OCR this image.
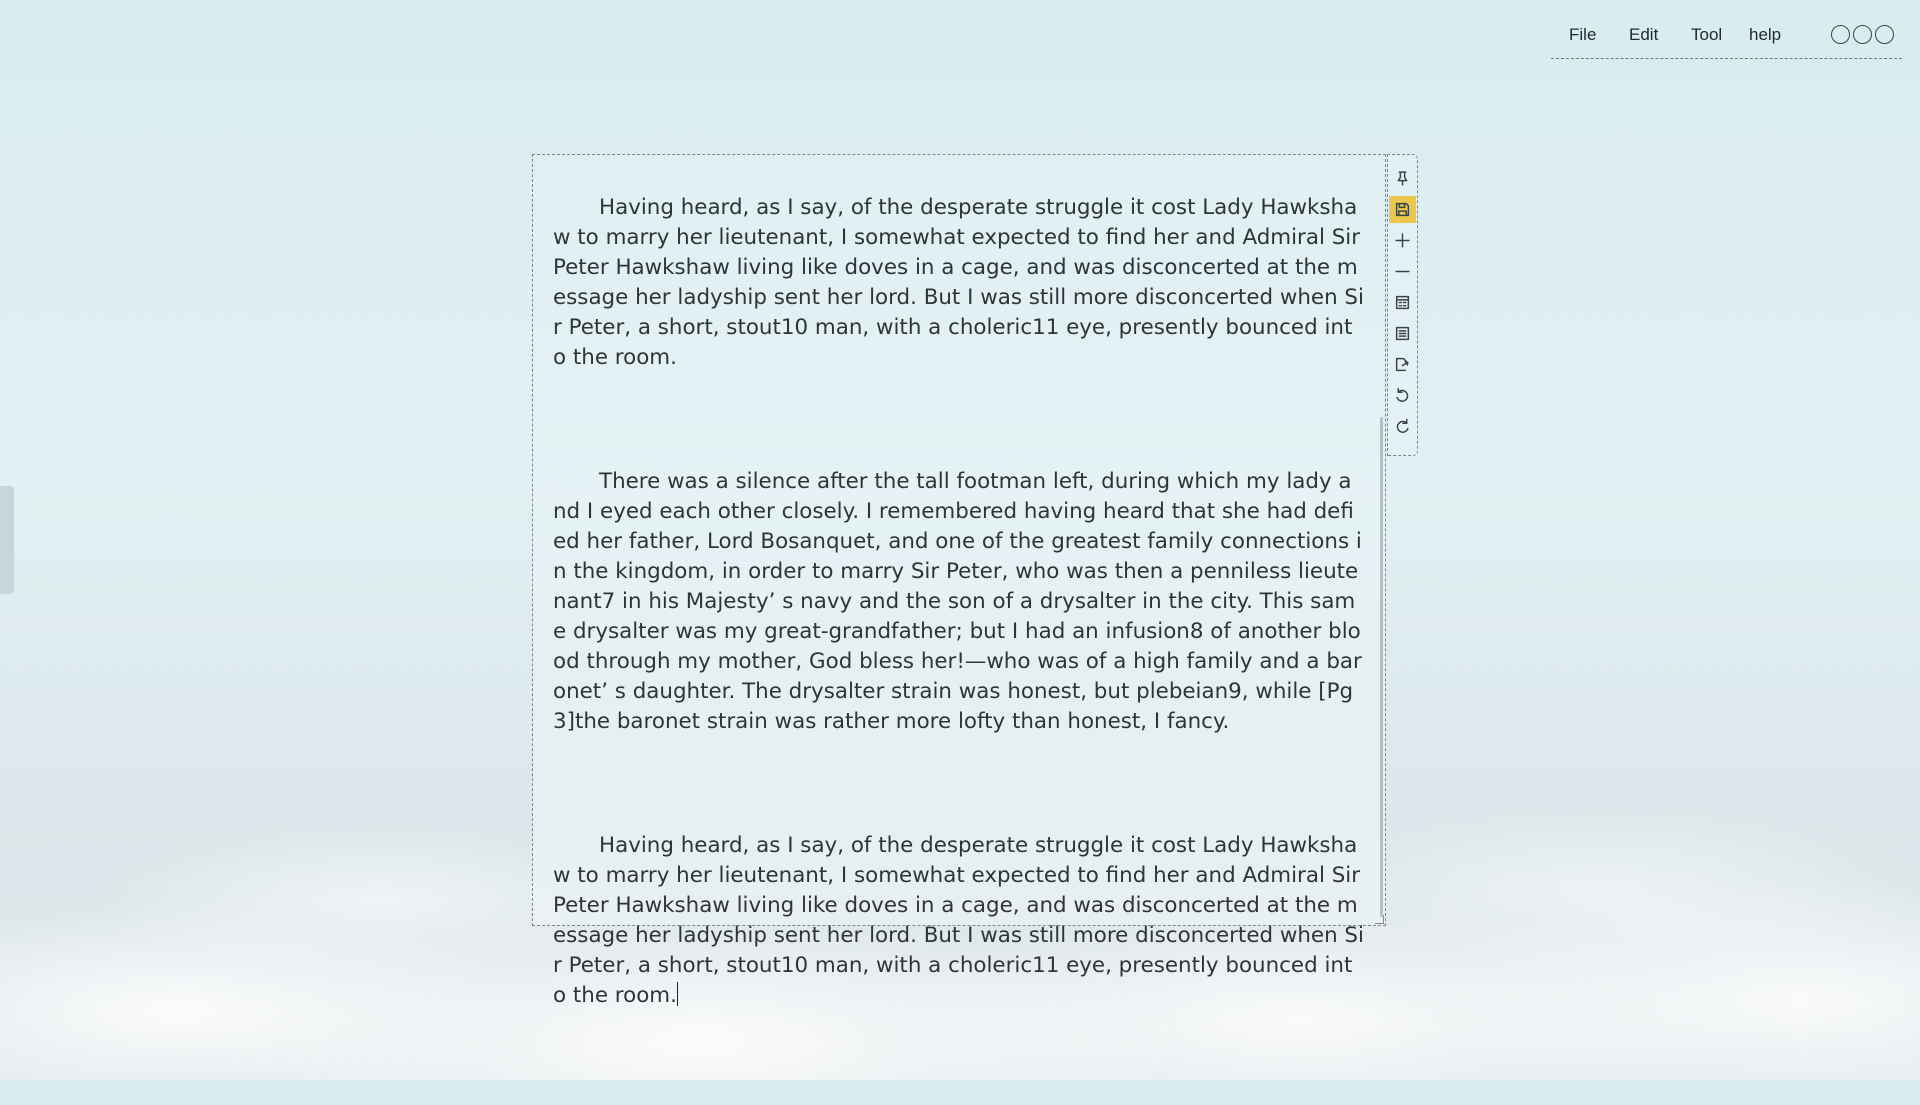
File Edit Tool help

Having heard, as I say, of the desperate struggle it cost Lady Hawkshaw to marry her lieutenant, I somewhat expected to find her and Admiral Sir Peter Hawkshaw living like doves in a cage, and was disconcerted at the message her ladyship sent her lord. But I was still more disconcerted when Sir Peter, a short, stout10 man, with a choleric11 eye, presently bounced into the room.

There was a silence after the tall footman left, during which my lady and I eyed each other closely. I remembered having heard that she had defied her father, Lord Bosanquet, and one of the greatest family connections in the kingdom, in order to marry Sir Peter, who was then a penniless lieutenant7 in his Majesty’ s navy and the son of a drysalter in the city. This same drysalter was my great-grandfather; but I had an infusion8 of another blood through my mother, God bless her!—who was of a high family and a baronet’ s daughter. The drysalter strain was honest, but plebeian9, while [Pg 3]the baronet strain was rather more lofty than honest, I fancy.

Having heard, as I say, of the desperate struggle it cost Lady Hawkshaw to marry her lieutenant, I somewhat expected to find her and Admiral Sir Peter Hawkshaw living like doves in a cage, and was disconcerted at the message her ladyship sent her lord. But I was still more disconcerted when Sir Peter, a short, stout10 man, with a choleric11 eye, presently bounced into the room.
